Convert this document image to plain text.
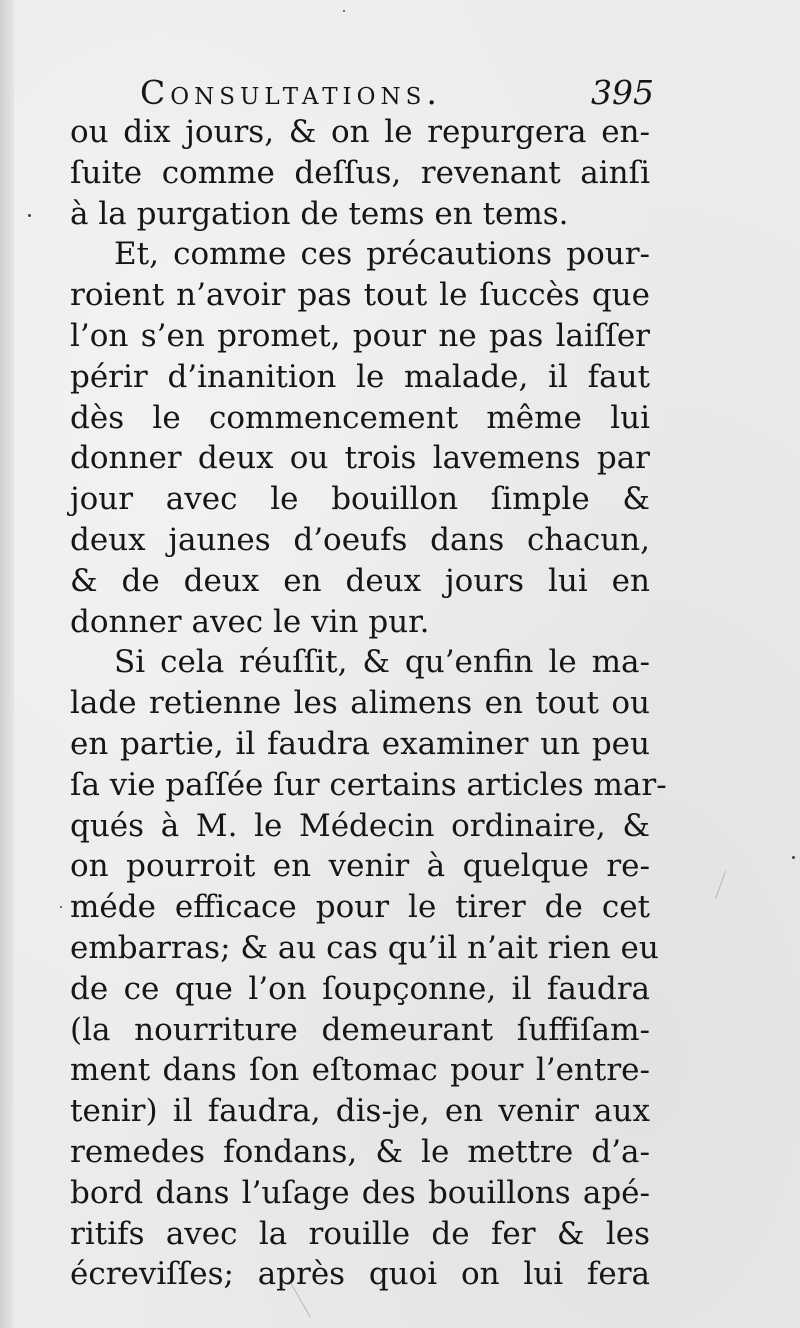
Consultations.	395
ou dix jours, & on le repurgera en-
ſuite comme deſſus, revenant ainſi
à la purgation de tems en tems.
Et, comme ces précautions pour-
roient n’avoir pas tout le ſuccès que
l’on s’en promet, pour ne pas laiſſer
périr d’inanition le malade, il faut
dès le commencement même lui
donner deux ou trois lavemens par
jour avec le bouillon ſimple &
deux jaunes d’oeufs dans chacun,
& de deux en deux jours lui en
donner avec le vin pur.
Si cela réuſſit, & qu’enfin le ma-
lade retienne les alimens en tout ou
en partie, il faudra examiner un peu
ſa vie paſſée ſur certains articles mar-
qués à M. le Médecin ordinaire, &
on pourroit en venir à quelque re-
méde efficace pour le tirer de cet
embarras; & au cas qu’il n’ait rien eu
de ce que l’on ſoupçonne, il faudra
(la nourriture demeurant ſuffiſam-
ment dans ſon eſtomac pour l’entre-
tenir) il faudra, dis-je, en venir aux
remedes fondans, & le mettre d’a-
bord dans l’uſage des bouillons apé-
ritifs avec la rouille de fer & les
écreviſſes; après quoi on lui fera
